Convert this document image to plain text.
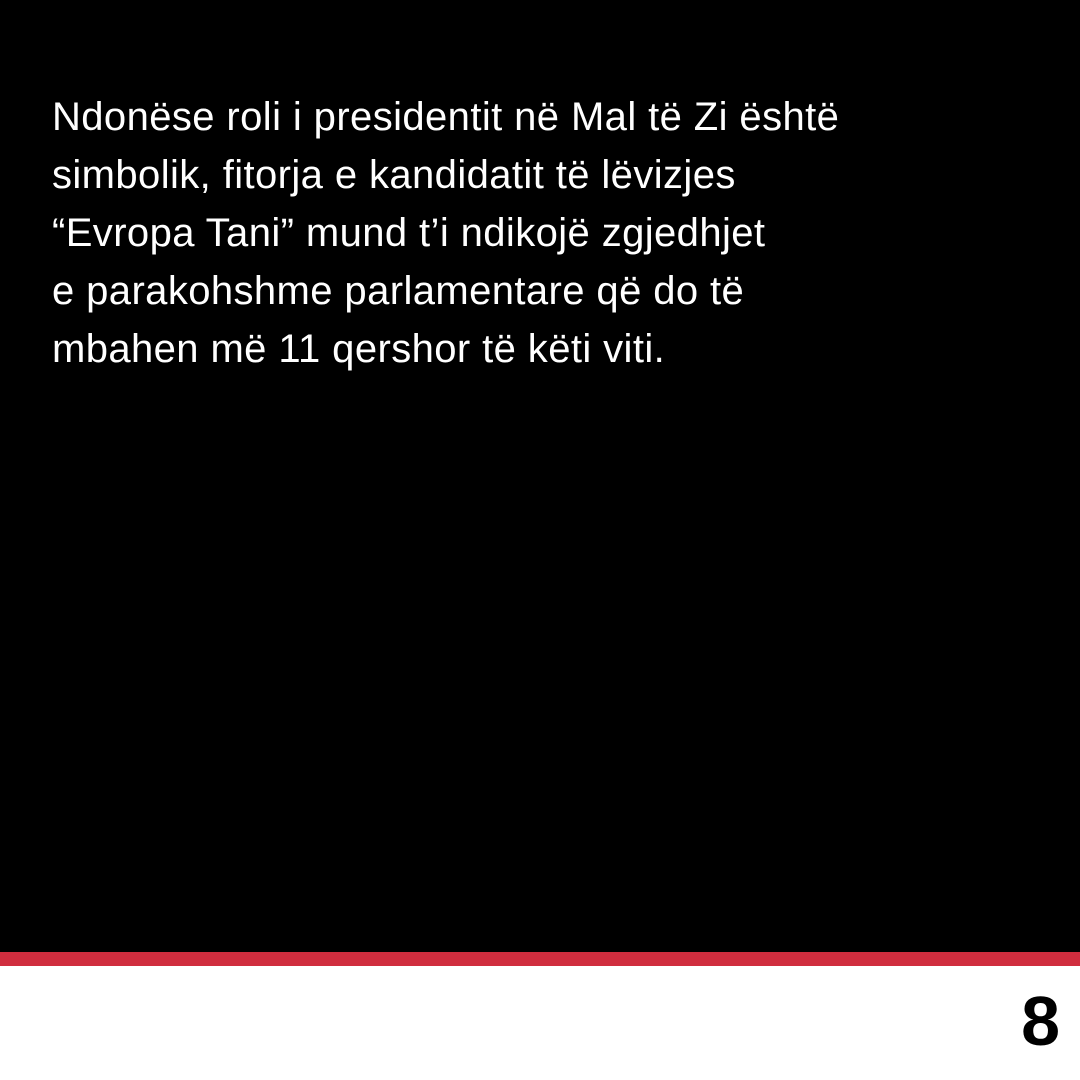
Ndonëse roli i presidentit në Mal të Zi është
simbolik, fitorja e kandidatit të lëvizjes
“Evropa Tani” mund t’i ndikojë zgjedhjet
e parakohshme parlamentare që do të
mbahen më 11 qershor të këti viti.
8
